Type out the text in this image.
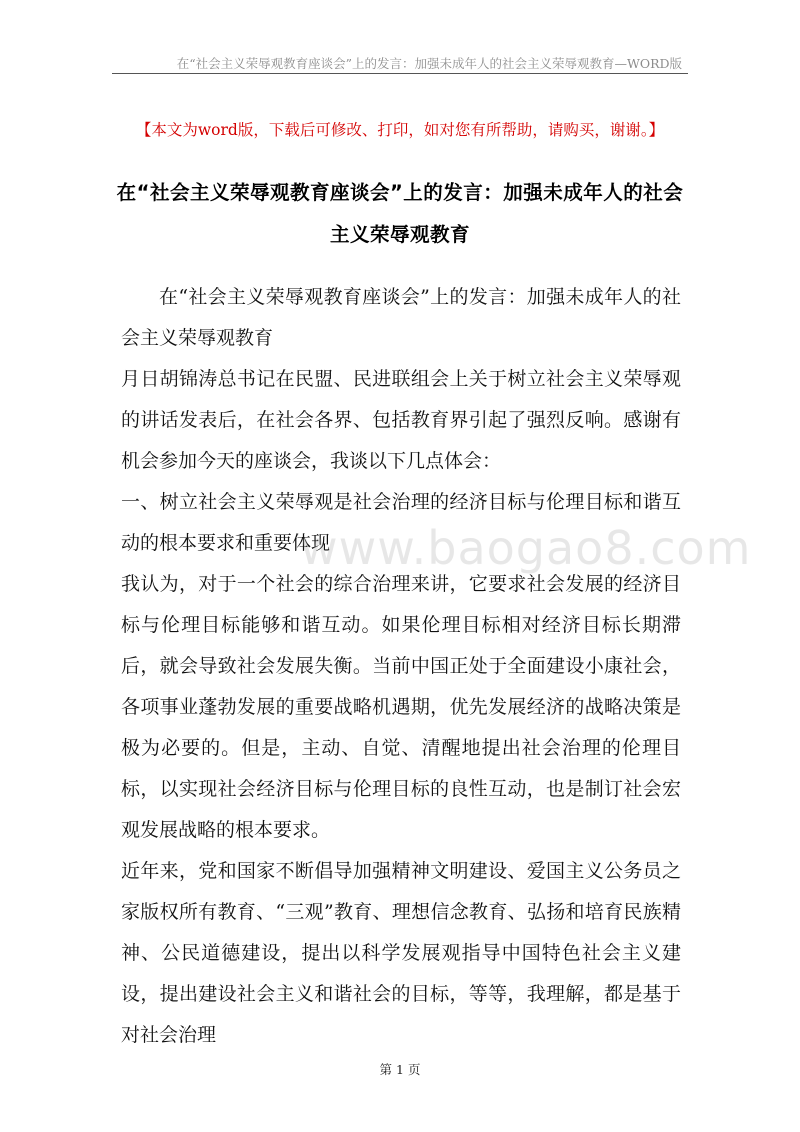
在“社会主义荣辱观教育座谈会”上的发言：加强未成年人的社会主义荣辱观教育—WORD版
【本文为word版，下载后可修改、打印，如对您有所帮助，请购买，谢谢。】
在“社会主义荣辱观教育座谈会”上的发言：加强未成年人的社会主义荣辱观教育

在“社会主义荣辱观教育座谈会”上的发言：加强未成年人的社会主义荣辱观教育

月日胡锦涛总书记在民盟、民进联组会上关于树立社会主义荣辱观的讲话发表后，在社会各界、包括教育界引起了强烈反响。感谢有机会参加今天的座谈会，我谈以下几点体会：

一、树立社会主义荣辱观是社会治理的经济目标与伦理目标和谐互动的根本要求和重要体现

我认为，对于一个社会的综合治理来讲，它要求社会发展的经济目标与伦理目标能够和谐互动。如果伦理目标相对经济目标长期滞后，就会导致社会发展失衡。当前中国正处于全面建设小康社会，各项事业蓬勃发展的重要战略机遇期，优先发展经济的战略决策是极为必要的。但是，主动、自觉、清醒地提出社会治理的伦理目标，以实现社会经济目标与伦理目标的良性互动，也是制订社会宏观发展战略的根本要求。

近年来，党和国家不断倡导加强精神文明建设、爱国主义公务员之家版权所有教育、“三观”教育、理想信念教育、弘扬和培育民族精神、公民道德建设，提出以科学发展观指导中国特色社会主义建设，提出建设社会主义和谐社会的目标，等等，我理解，都是基于对社会治理

www.baogao8.com
第 1 页
